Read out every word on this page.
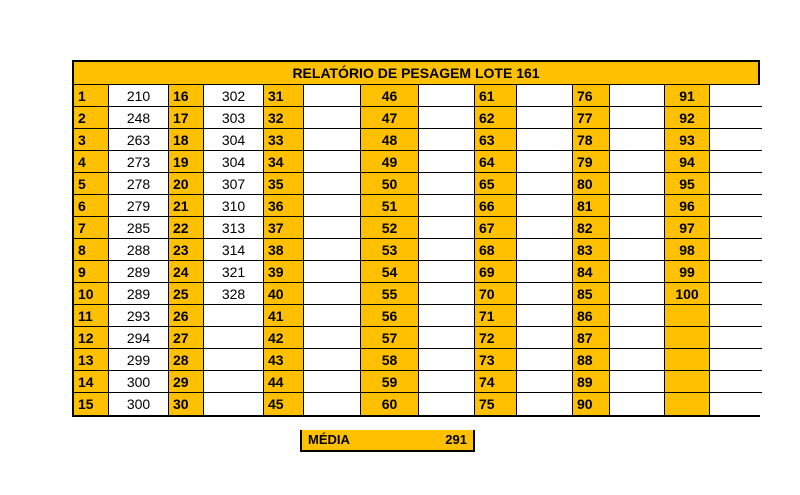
RELATÓRIO DE PESAGEM LOTE 161
1
2
3
4
5
6
7
8
9
10
11
12
13
14
15
210
248
263
273
278
279
285
288
289
289
293
294
299
300
300
16
17
18
19
20
21
22
23
24
25
26
27
28
29
30
302
303
304
304
307
310
313
314
321
328
31
32
33
34
35
36
37
38
39
40
41
42
43
44
45
46
47
48
49
50
51
52
53
54
55
56
57
58
59
60
61
62
63
64
65
66
67
68
69
70
71
72
73
74
75
76
77
78
79
80
81
82
83
84
85
86
87
88
89
90
91
92
93
94
95
96
97
98
99
100
MÉDIA	291
